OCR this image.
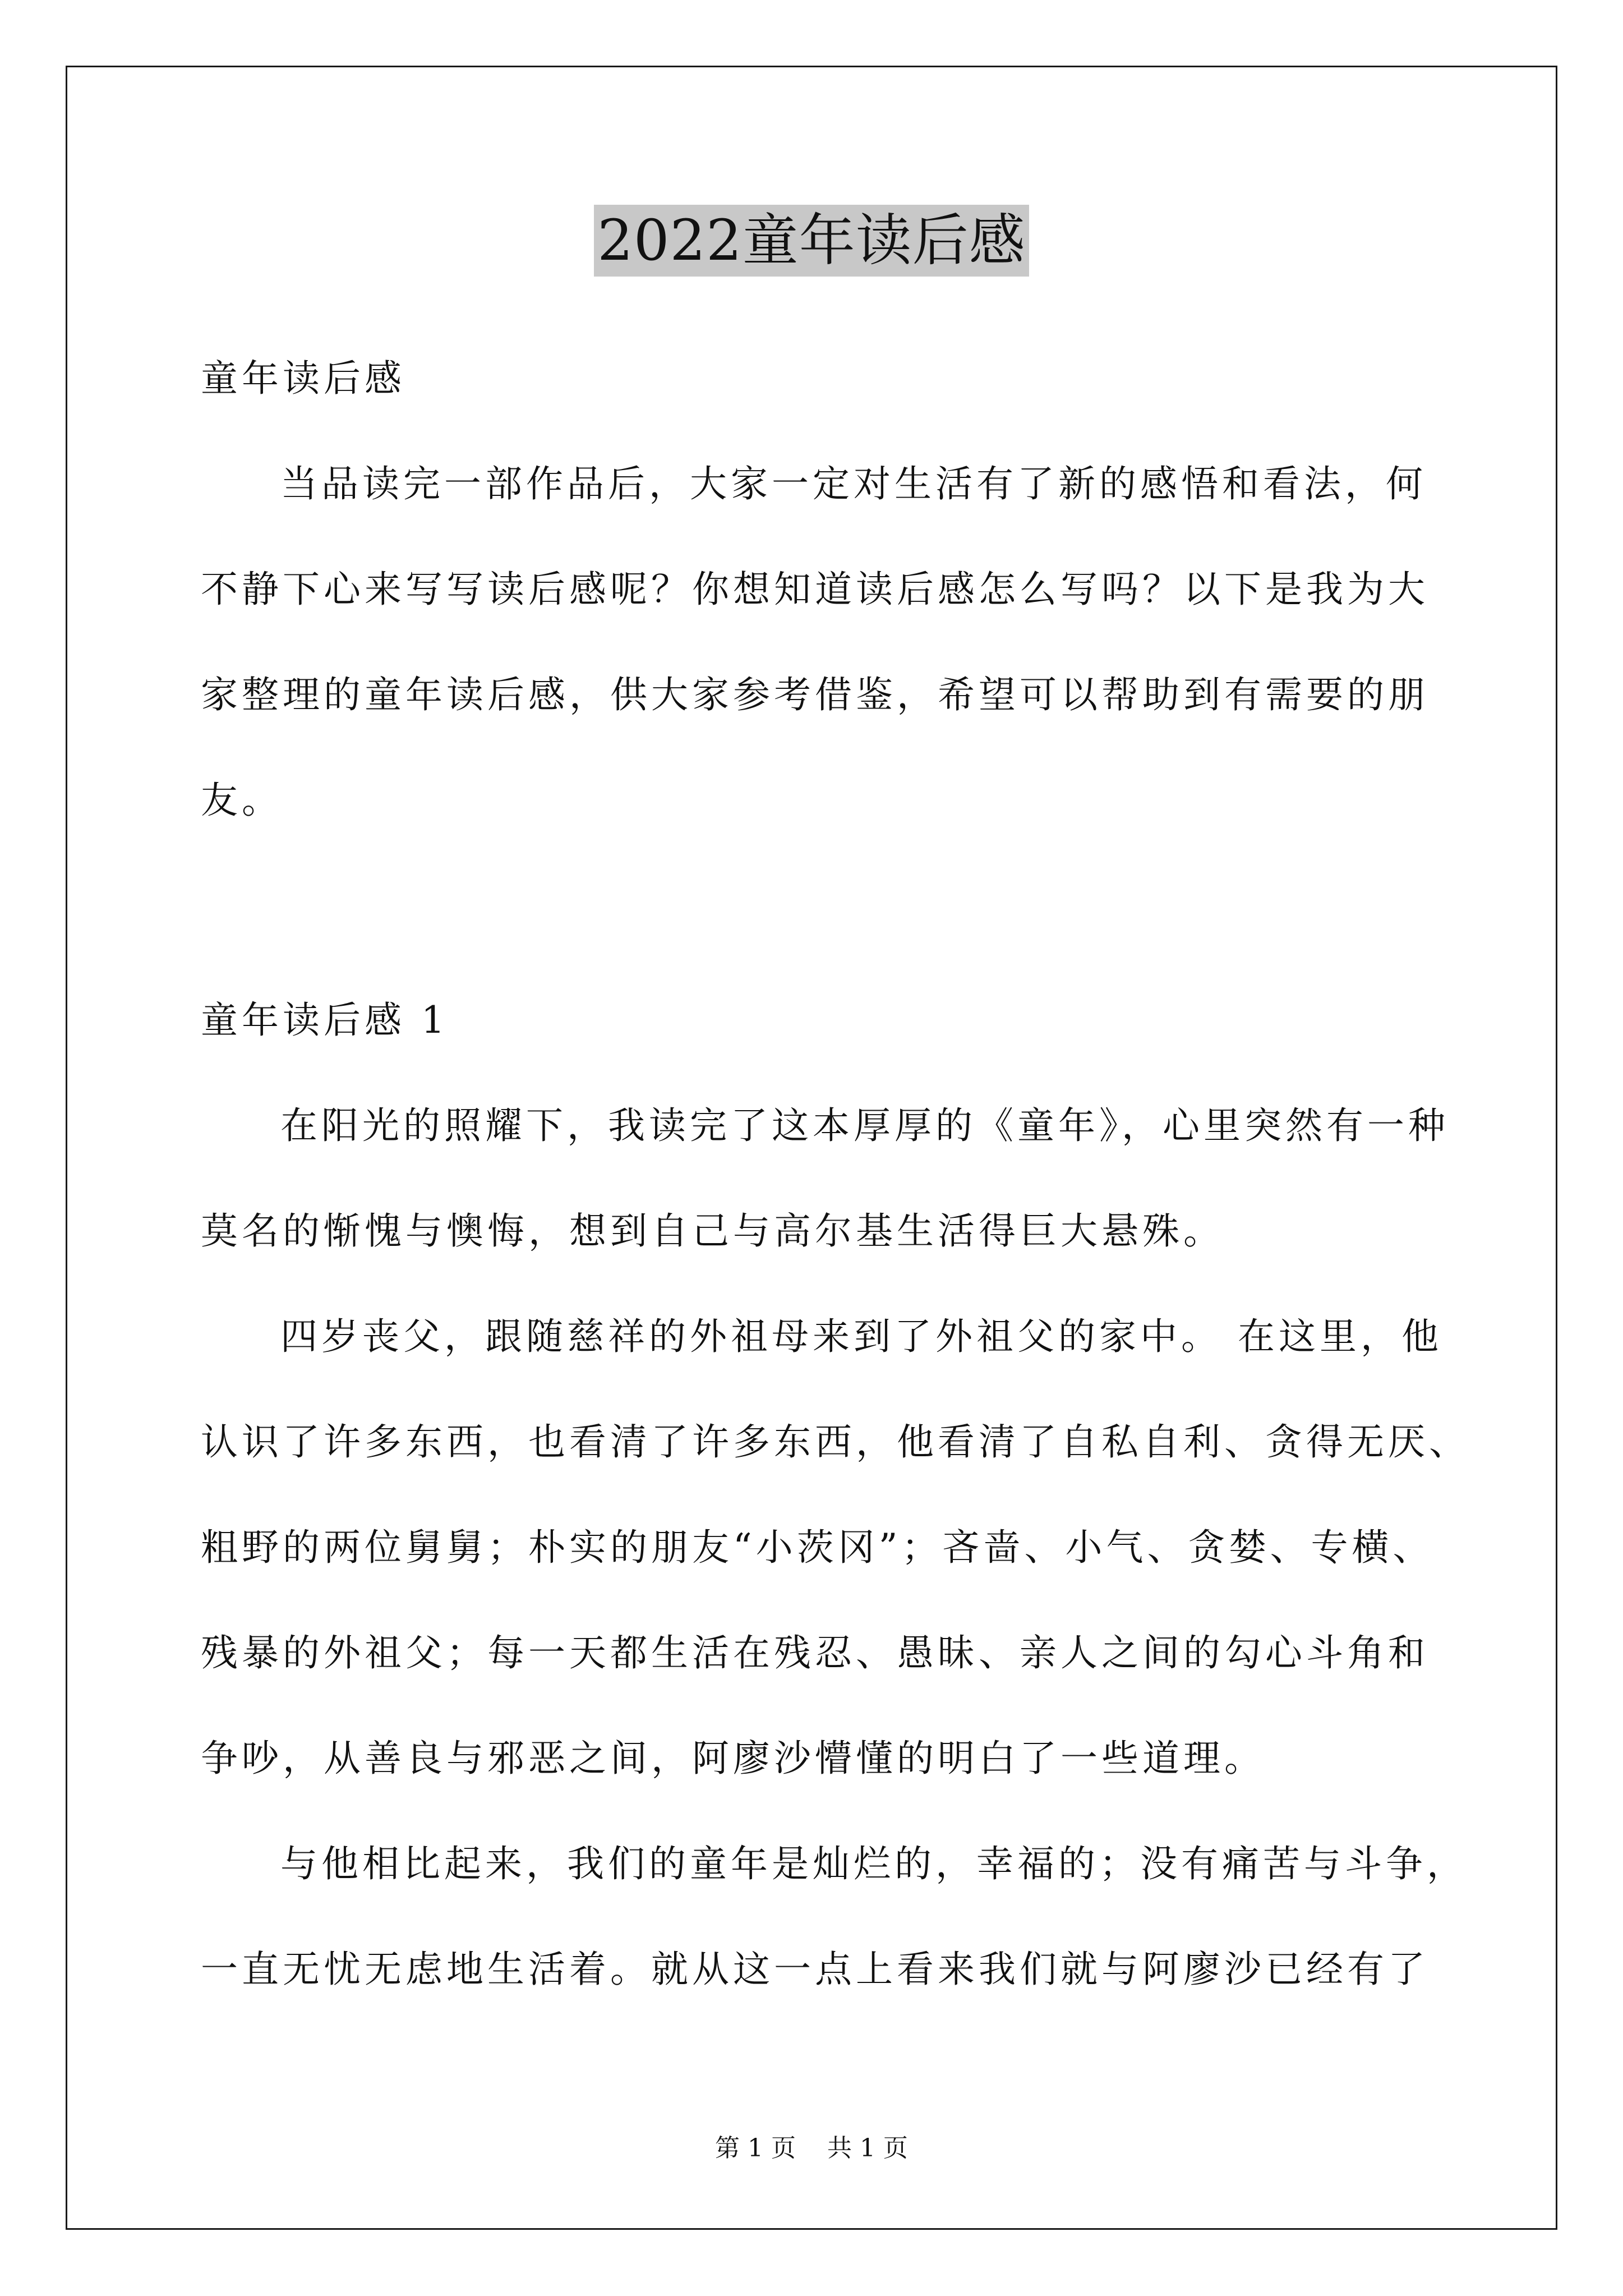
2022童年读后感
童年读后感
当品读完一部作品后，大家一定对生活有了新的感悟和看法，何
不静下心来写写读后感呢？你想知道读后感怎么写吗？以下是我为大
家整理的童年读后感，供大家参考借鉴，希望可以帮助到有需要的朋
友。
童年读后感 1
在阳光的照耀下，我读完了这本厚厚的《童年》，心里突然有一种
莫名的惭愧与懊悔，想到自己与高尔基生活得巨大悬殊。
四岁丧父，跟随慈祥的外祖母来到了外祖父的家中。 在这里，他
认识了许多东西，也看清了许多东西，他看清了自私自利、贪得无厌、
粗野的两位舅舅；朴实的朋友“小茨冈”；吝啬、小气、贪婪、专横、
残暴的外祖父；每一天都生活在残忍、愚昧、亲人之间的勾心斗角和
争吵，从善良与邪恶之间，阿廖沙懵懂的明白了一些道理。
与他相比起来，我们的童年是灿烂的，幸福的；没有痛苦与斗争，
一直无忧无虑地生活着。就从这一点上看来我们就与阿廖沙已经有了
第 1 页    共 1 页
